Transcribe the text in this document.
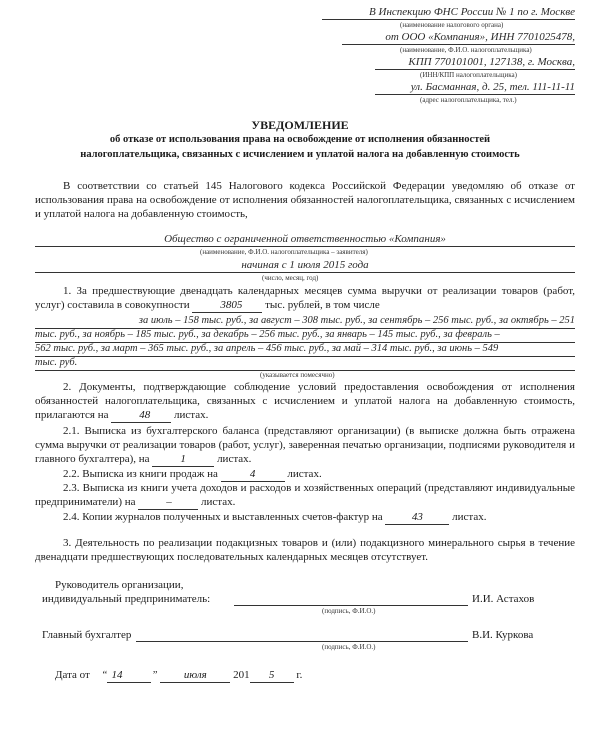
В Инспекцию ФНС России № 1 по г. Москве
(наименование налогового органа)
от ООО «Компания», ИНН 7701025478,
(наименование, Ф.И.О. налогоплательщика)
КПП 770101001, 127138, г. Москва,
(ИНН/КПП налогоплательщика)
ул. Басманная, д. 25, тел. 111-11-11
(адрес налогоплательщика, тел.)
УВЕДОМЛЕНИЕ
об отказе от использования права на освобождение от исполнения обязанностей
налогоплательщика, связанных с исчислением и уплатой налога на добавленную стоимость
В соответствии со статьей 145 Налогового кодекса Российской Федерации уведомляю об отказе от использования права на освобождение от исполнения обязанностей налогоплательщика, связанных с исчислением и уплатой налога на добавленную стоимость,
Общество с ограниченной ответственностью «Компания»
(наименование, Ф.И.О. налогоплательщика – заявителя)
начиная с 1 июля 2015 года
(число, месяц, год)
1. За предшествующие двенадцать календарных месяцев сумма выручки от реализации товаров (работ, услуг) составила в совокупности	3805 тыс. рублей, в том числе
за июль – 158 тыс. руб., за август – 308 тыс. руб., за сентябрь – 256 тыс. руб., за октябрь – 251
тыс. руб., за ноябрь – 185 тыс. руб., за декабрь – 256 тыс. руб., за январь – 145 тыс. руб., за февраль –
562 тыс. руб., за март – 365 тыс. руб., за апрель – 456 тыс. руб., за май – 314 тыс. руб., за июнь – 549
тыс. руб.
(указывается помесячно)
2. Документы, подтверждающие соблюдение условий предоставления освобождения от исполнения обязанностей налогоплательщика, связанных с исчислением и уплатой налога на добавленную стоимость, прилагаются на	48 листах.
2.1. Выписка из бухгалтерского баланса (представляют организации) (в выписке должна быть отражена сумма выручки от реализации товаров (работ, услуг), заверенная печатью организации, подписями руководителя и главного бухгалтера), на	1	листах.
2.2. Выписка из книги продаж на	4	листах.
2.3. Выписка из книги учета доходов и расходов и хозяйственных операций (представляют индивидуальные предприниматели) на	–	листах.
2.4. Копии журналов полученных и выставленных счетов-фактур на	43	листах.
3. Деятельность по реализации подакцизных товаров и (или) подакцизного минерального сырья в течение двенадцати предшествующих последовательных календарных месяцев отсутствует.
Руководитель организации,
индивидуальный предприниматель:	И.И. Астахов
(подпись, Ф.И.О.)
Главный бухгалтер	В.И. Куркова
(подпись, Ф.И.О.)
Дата от “ 14	” июля 201 5 г.
